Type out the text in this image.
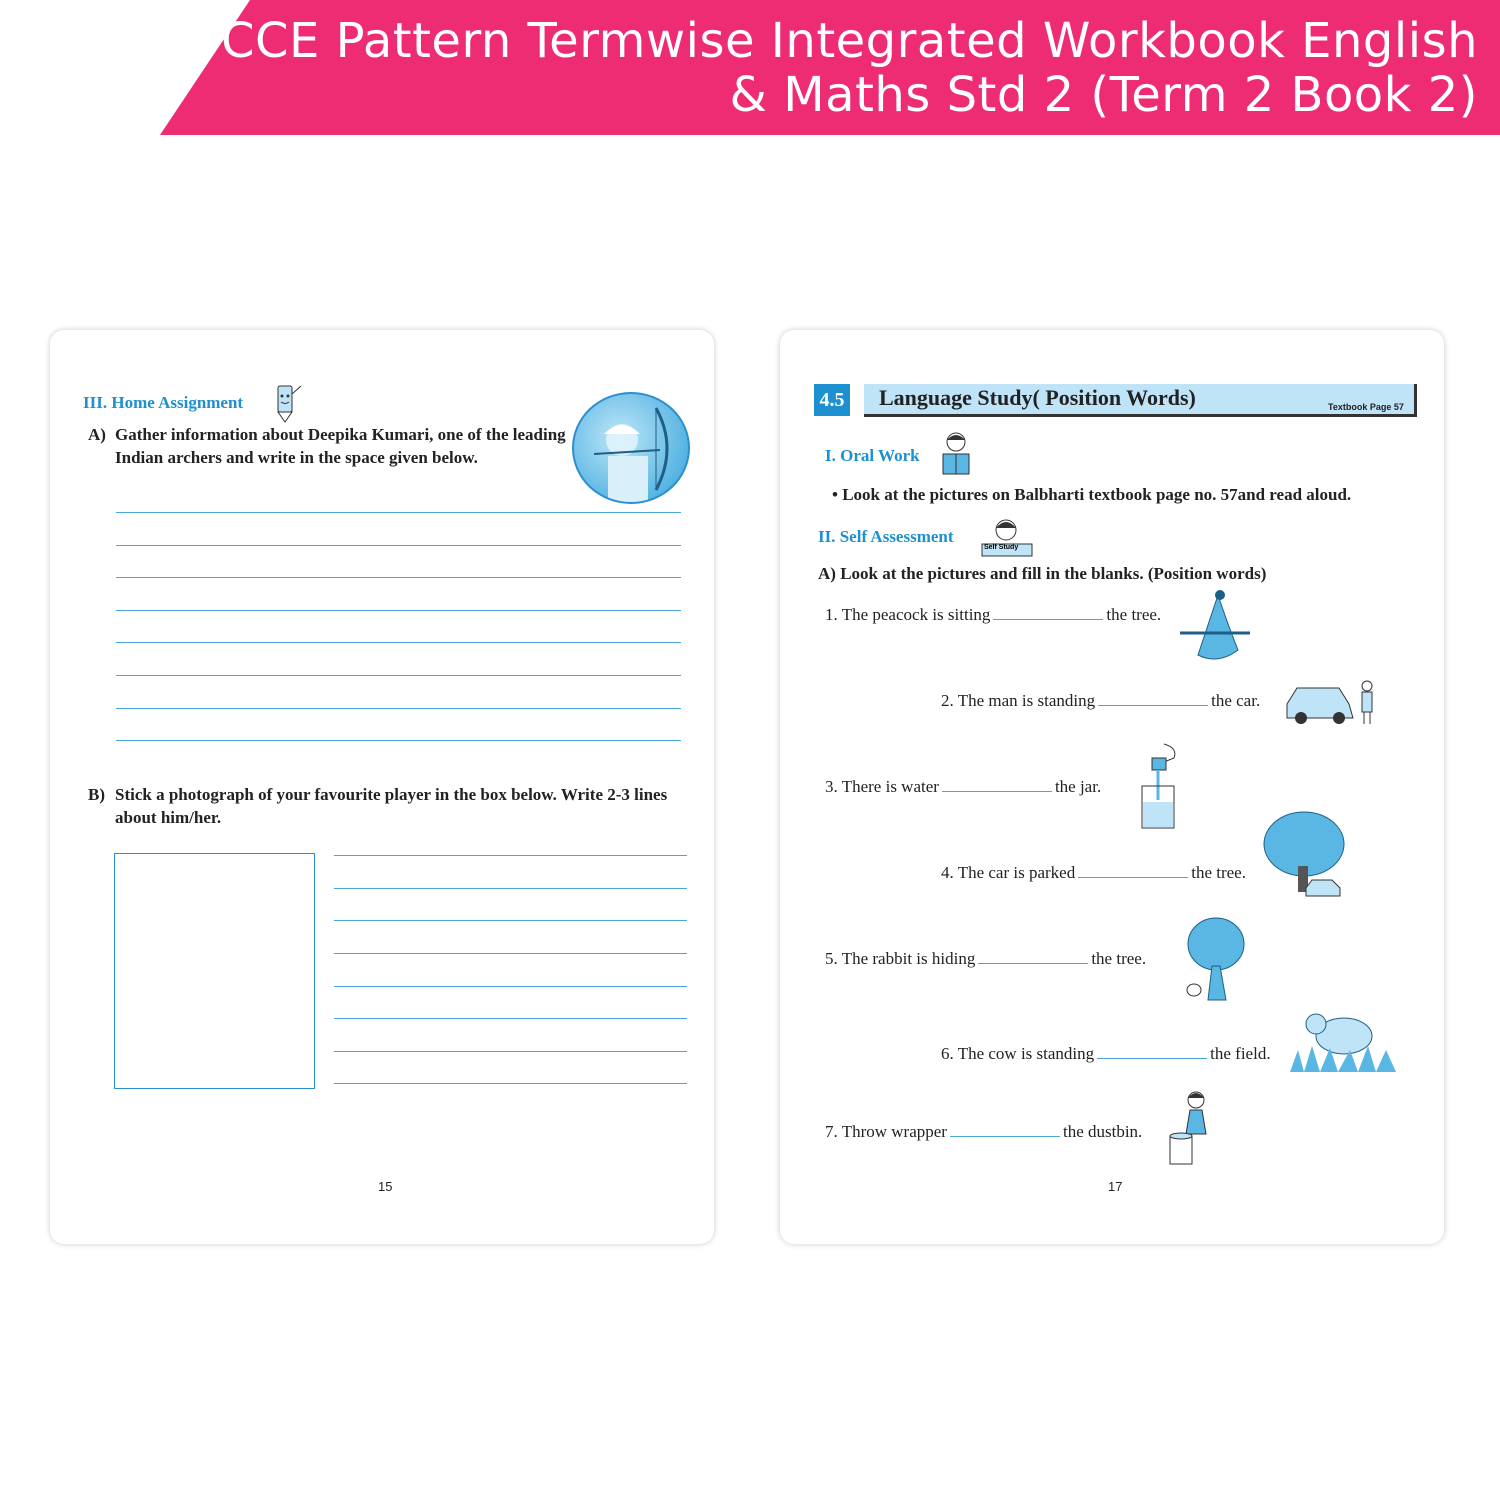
CCE Pattern Termwise Integrated Workbook English
& Maths Std 2 (Term 2 Book 2)
III. Home Assignment
A) Gather information about Deepika Kumari, one of the leading Indian archers and write in the space given below.
B) Stick a photograph of your favourite player in the box below. Write 2-3 lines about him/her.
15
4.5 Language Study( Position Words)	Textbook Page 57
I. Oral Work
• Look at the pictures on Balbharti textbook page no. 57and read aloud.
II. Self Assessment
Self Study
A) Look at the pictures and fill in the blanks. (Position words)
1. The peacock is sitting	the tree.
2. The man is standing	the car.
3. There is water	the jar.
4. The car is parked	the tree.
5. The rabbit is hiding	the tree.
6. The cow is standing	the field.
7. Throw wrapper	the dustbin.
17
